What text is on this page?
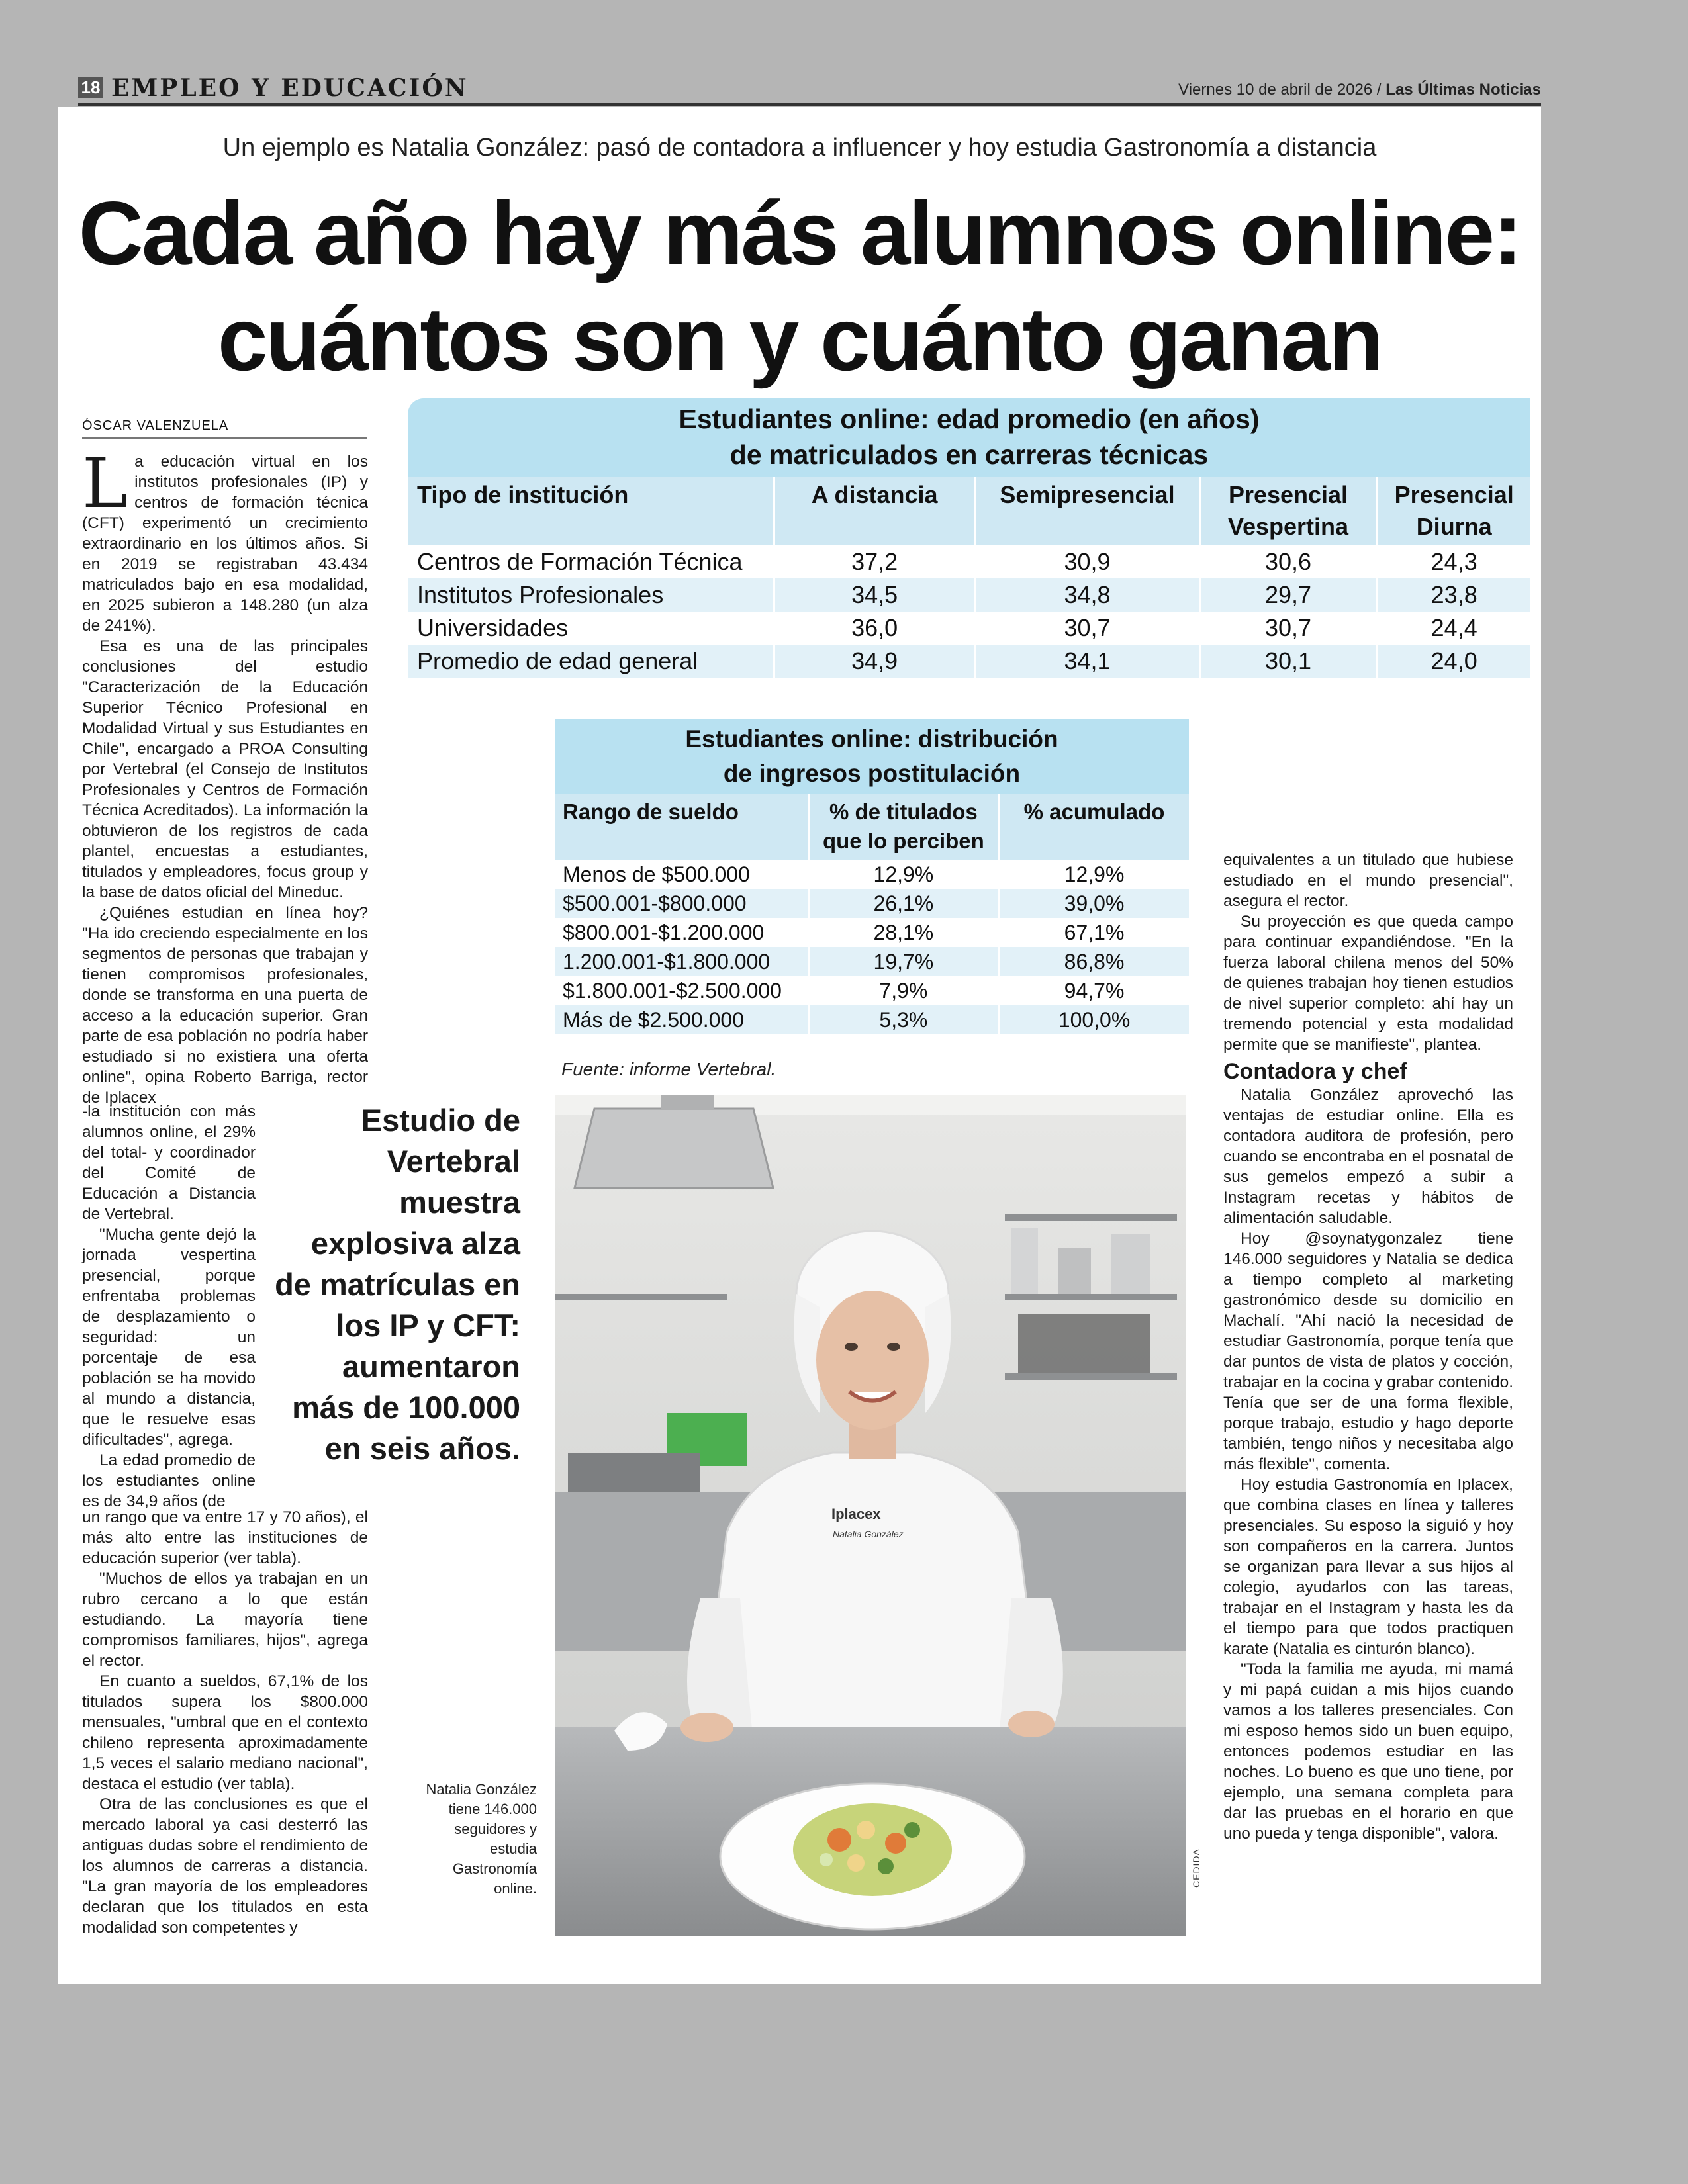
18 EMPLEO Y EDUCACIÓN	Viernes 10 de abril de 2026 / Las Últimas Noticias
Un ejemplo es Natalia González: pasó de contadora a influencer y hoy estudia Gastronomía a distancia
Cada año hay más alumnos online:
cuántos son y cuánto ganan
ÓSCAR VALENZUELA

La educación virtual en los institutos profesionales (IP) y centros de formación técnica (CFT) experimentó un crecimiento extraordinario en los últimos años. Si en 2019 se registraban 43.434 matriculados bajo en esa modalidad, en 2025 subieron a 148.280 (un alza de 241%).

Esa es una de las principales conclusiones del estudio "Caracterización de la Educación Superior Técnico Profesional en Modalidad Virtual y sus Estudiantes en Chile", encargado a PROA Consulting por Vertebral (el Consejo de Institutos Profesionales y Centros de Formación Técnica Acreditados). La información la obtuvieron de los registros de cada plantel, encuestas a estudiantes, titulados y empleadores, focus group y la base de datos oficial del Mineduc.

¿Quiénes estudian en línea hoy? "Ha ido creciendo especialmente en los segmentos de personas que trabajan y tienen compromisos profesionales, donde se transforma en una puerta de acceso a la educación superior. Gran parte de esa población no podría haber estudiado si no existiera una oferta online", opina Roberto Barriga, rector de Iplacex

-la institución con más alumnos online, el 29% del total- y coordinador del Comité de Educación a Distancia de Vertebral.

"Mucha gente dejó la jornada vespertina presencial, porque enfrentaba problemas de desplazamiento o seguridad: un porcentaje de esa población se ha movido al mundo a distancia, que le resuelve esas dificultades", agrega.

La edad promedio de los estudiantes online es de 34,9 años (de

un rango que va entre 17 y 70 años), el más alto entre las instituciones de educación superior (ver tabla).

"Muchos de ellos ya trabajan en un rubro cercano a lo que están estudiando. La mayoría tiene compromisos familiares, hijos", agrega el rector.

En cuanto a sueldos, 67,1% de los titulados supera los $800.000 mensuales, "umbral que en el contexto chileno representa aproximadamente 1,5 veces el salario mediano nacional", destaca el estudio (ver tabla).

Otra de las conclusiones es que el mercado laboral ya casi desterró las antiguas dudas sobre el rendimiento de los alumnos de carreras a distancia. "La gran mayoría de los empleadores declaran que los titulados en esta modalidad son competentes y

Estudio de Vertebral muestra explosiva alza de matrículas en los IP y CFT: aumentaron más de 100.000 en seis años.
Estudiantes online: edad promedio (en años)
de matriculados en carreras técnicas
Tipo de institución	A distancia	Semipresencial	Presencial Vespertina	Presencial Diurna
Centros de Formación Técnica	37,2	30,9	30,6	24,3
Institutos Profesionales	34,5	34,8	29,7	23,8
Universidades	36,0	30,7	30,7	24,4
Promedio de edad general	34,9	34,1	30,1	24,0
Estudiantes online: distribución
de ingresos postitulación
Rango de sueldo	% de titulados que lo perciben	% acumulado
Menos de $500.000	12,9%	12,9%
$500.001-$800.000	26,1%	39,0%
$800.001-$1.200.000	28,1%	67,1%
1.200.001-$1.800.000	19,7%	86,8%
$1.800.001-$2.500.000	7,9%	94,7%
Más de $2.500.000	5,3%	100,0%
Fuente: informe Vertebral.
Iplacex
Natalia González
CEDIDA
Natalia González tiene 146.000 seguidores y estudia Gastronomía online.

equivalentes a un titulado que hubiese estudiado en el mundo presencial", asegura el rector.

Su proyección es que queda campo para continuar expandiéndose. "En la fuerza laboral chilena menos del 50% de quienes trabajan hoy tienen estudios de nivel superior completo: ahí hay un tremendo potencial y esta modalidad permite que se manifieste", plantea.

Contadora y chef

Natalia González aprovechó las ventajas de estudiar online. Ella es contadora auditora de profesión, pero cuando se encontraba en el posnatal de sus gemelos empezó a subir a Instagram recetas y hábitos de alimentación saludable.

Hoy @soynatygonzalez tiene 146.000 seguidores y Natalia se dedica a tiempo completo al marketing gastronómico desde su domicilio en Machalí. "Ahí nació la necesidad de estudiar Gastronomía, porque tenía que dar puntos de vista de platos y cocción, trabajar en la cocina y grabar contenido. Tenía que ser de una forma flexible, porque trabajo, estudio y hago deporte también, tengo niños y necesitaba algo más flexible", comenta.

Hoy estudia Gastronomía en Iplacex, que combina clases en línea y talleres presenciales. Su esposo la siguió y hoy son compañeros en la carrera. Juntos se organizan para llevar a sus hijos al colegio, ayudarlos con las tareas, trabajar en el Instagram y hasta les da el tiempo para que todos practiquen karate (Natalia es cinturón blanco).

"Toda la familia me ayuda, mi mamá y mi papá cuidan a mis hijos cuando vamos a los talleres presenciales. Con mi esposo hemos sido un buen equipo, entonces podemos estudiar en las noches. Lo bueno es que uno tiene, por ejemplo, una semana completa para dar las pruebas en el horario en que uno pueda y tenga disponible", valora.
